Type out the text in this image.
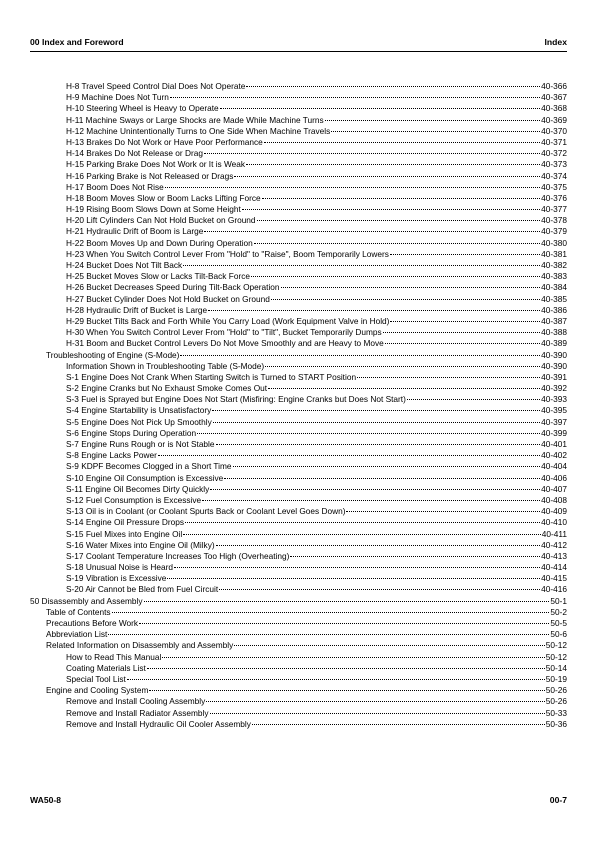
00 Index and Foreword	Index
H-8 Travel Speed Control Dial Does Not Operate	40-366
H-9 Machine Does Not Turn	40-367
H-10 Steering Wheel is Heavy to Operate	40-368
H-11 Machine Sways or Large Shocks are Made While Machine Turns	40-369
H-12 Machine Unintentionally Turns to One Side When Machine Travels	40-370
H-13 Brakes Do Not Work or Have Poor Performance	40-371
H-14 Brakes Do Not Release or Drag	40-372
H-15 Parking Brake Does Not Work or It is Weak	40-373
H-16 Parking Brake is Not Released or Drags	40-374
H-17 Boom Does Not Rise	40-375
H-18 Boom Moves Slow or Boom Lacks Lifting Force	40-376
H-19 Rising Boom Slows Down at Some Height	40-377
H-20 Lift Cylinders Can Not Hold Bucket on Ground	40-378
H-21 Hydraulic Drift of Boom is Large	40-379
H-22 Boom Moves Up and Down During Operation	40-380
H-23 When You Switch Control Lever From "Hold" to "Raise", Boom Temporarily Lowers	40-381
H-24 Bucket Does Not Tilt Back	40-382
H-25 Bucket Moves Slow or Lacks Tilt-Back Force	40-383
H-26 Bucket Decreases Speed During Tilt-Back Operation	40-384
H-27 Bucket Cylinder Does Not Hold Bucket on Ground	40-385
H-28 Hydraulic Drift of Bucket is Large	40-386
H-29 Bucket Tilts Back and Forth While You Carry Load (Work Equipment Valve in Hold)	40-387
H-30 When You Switch Control Lever From "Hold" to "Tilt", Bucket Temporarily Dumps	40-388
H-31 Boom and Bucket Control Levers Do Not Move Smoothly and are Heavy to Move	40-389
Troubleshooting of Engine (S-Mode)	40-390
Information Shown in Troubleshooting Table (S-Mode)	40-390
S-1 Engine Does Not Crank When Starting Switch is Turned to START Position	40-391
S-2 Engine Cranks but No Exhaust Smoke Comes Out	40-392
S-3 Fuel is Sprayed but Engine Does Not Start (Misfiring: Engine Cranks but Does Not Start)	40-393
S-4 Engine Startability is Unsatisfactory	40-395
S-5 Engine Does Not Pick Up Smoothly	40-397
S-6 Engine Stops During Operation	40-399
S-7 Engine Runs Rough or is Not Stable	40-401
S-8 Engine Lacks Power	40-402
S-9 KDPF Becomes Clogged in a Short Time	40-404
S-10 Engine Oil Consumption is Excessive	40-406
S-11 Engine Oil Becomes Dirty Quickly	40-407
S-12 Fuel Consumption is Excessive	40-408
S-13 Oil is in Coolant (or Coolant Spurts Back or Coolant Level Goes Down)	40-409
S-14 Engine Oil Pressure Drops	40-410
S-15 Fuel Mixes into Engine Oil	40-411
S-16 Water Mixes into Engine Oil (Milky)	40-412
S-17 Coolant Temperature Increases Too High (Overheating)	40-413
S-18 Unusual Noise is Heard	40-414
S-19 Vibration is Excessive	40-415
S-20 Air Cannot be Bled from Fuel Circuit	40-416
50 Disassembly and Assembly	50-1
Table of Contents	50-2
Precautions Before Work	50-5
Abbreviation List	50-6
Related Information on Disassembly and Assembly	50-12
How to Read This Manual	50-12
Coating Materials List	50-14
Special Tool List	50-19
Engine and Cooling System	50-26
Remove and Install Cooling Assembly	50-26
Remove and Install Radiator Assembly	50-33
Remove and Install Hydraulic Oil Cooler Assembly	50-36
WA50-8	00-7
